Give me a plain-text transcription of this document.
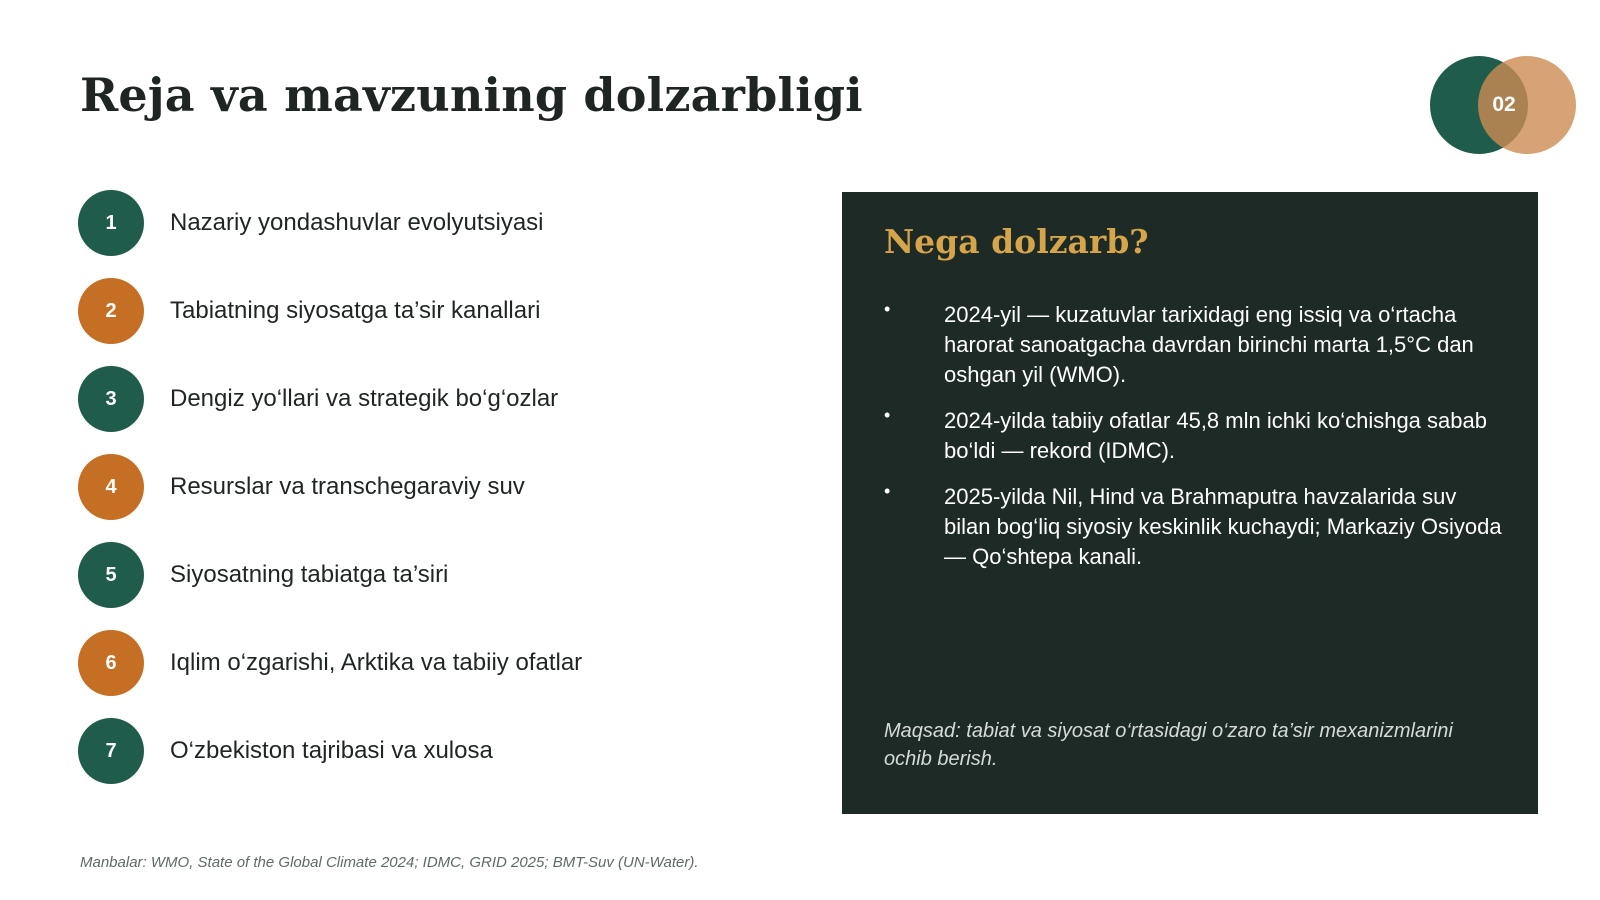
Reja va mavzuning dolzarbligi	02
1	Nazariy yondashuvlar evolyutsiyasi
2	Tabiatning siyosatga ta’sir kanallari
3	Dengiz yo‘llari va strategik bo‘g‘ozlar
4	Resurslar va transchegaraviy suv
5	Siyosatning tabiatga ta’siri
6	Iqlim o‘zgarishi, Arktika va tabiiy ofatlar
7	O‘zbekiston tajribasi va xulosa
Nega dolzarb?
• 2024-yil — kuzatuvlar tarixidagi eng issiq va o‘rtacha harorat sanoatgacha davrdan birinchi marta 1,5°C dan oshgan yil (WMO).
• 2024-yilda tabiiy ofatlar 45,8 mln ichki ko‘chishga sabab bo‘ldi — rekord (IDMC).
• 2025-yilda Nil, Hind va Brahmaputra havzalarida suv bilan bog‘liq siyosiy keskinlik kuchaydi; Markaziy Osiyoda — Qo‘shtepa kanali.

Maqsad: tabiat va siyosat o‘rtasidagi o‘zaro ta’sir mexanizmlarini ochib berish.

Manbalar: WMO, State of the Global Climate 2024; IDMC, GRID 2025; BMT-Suv (UN-Water).
